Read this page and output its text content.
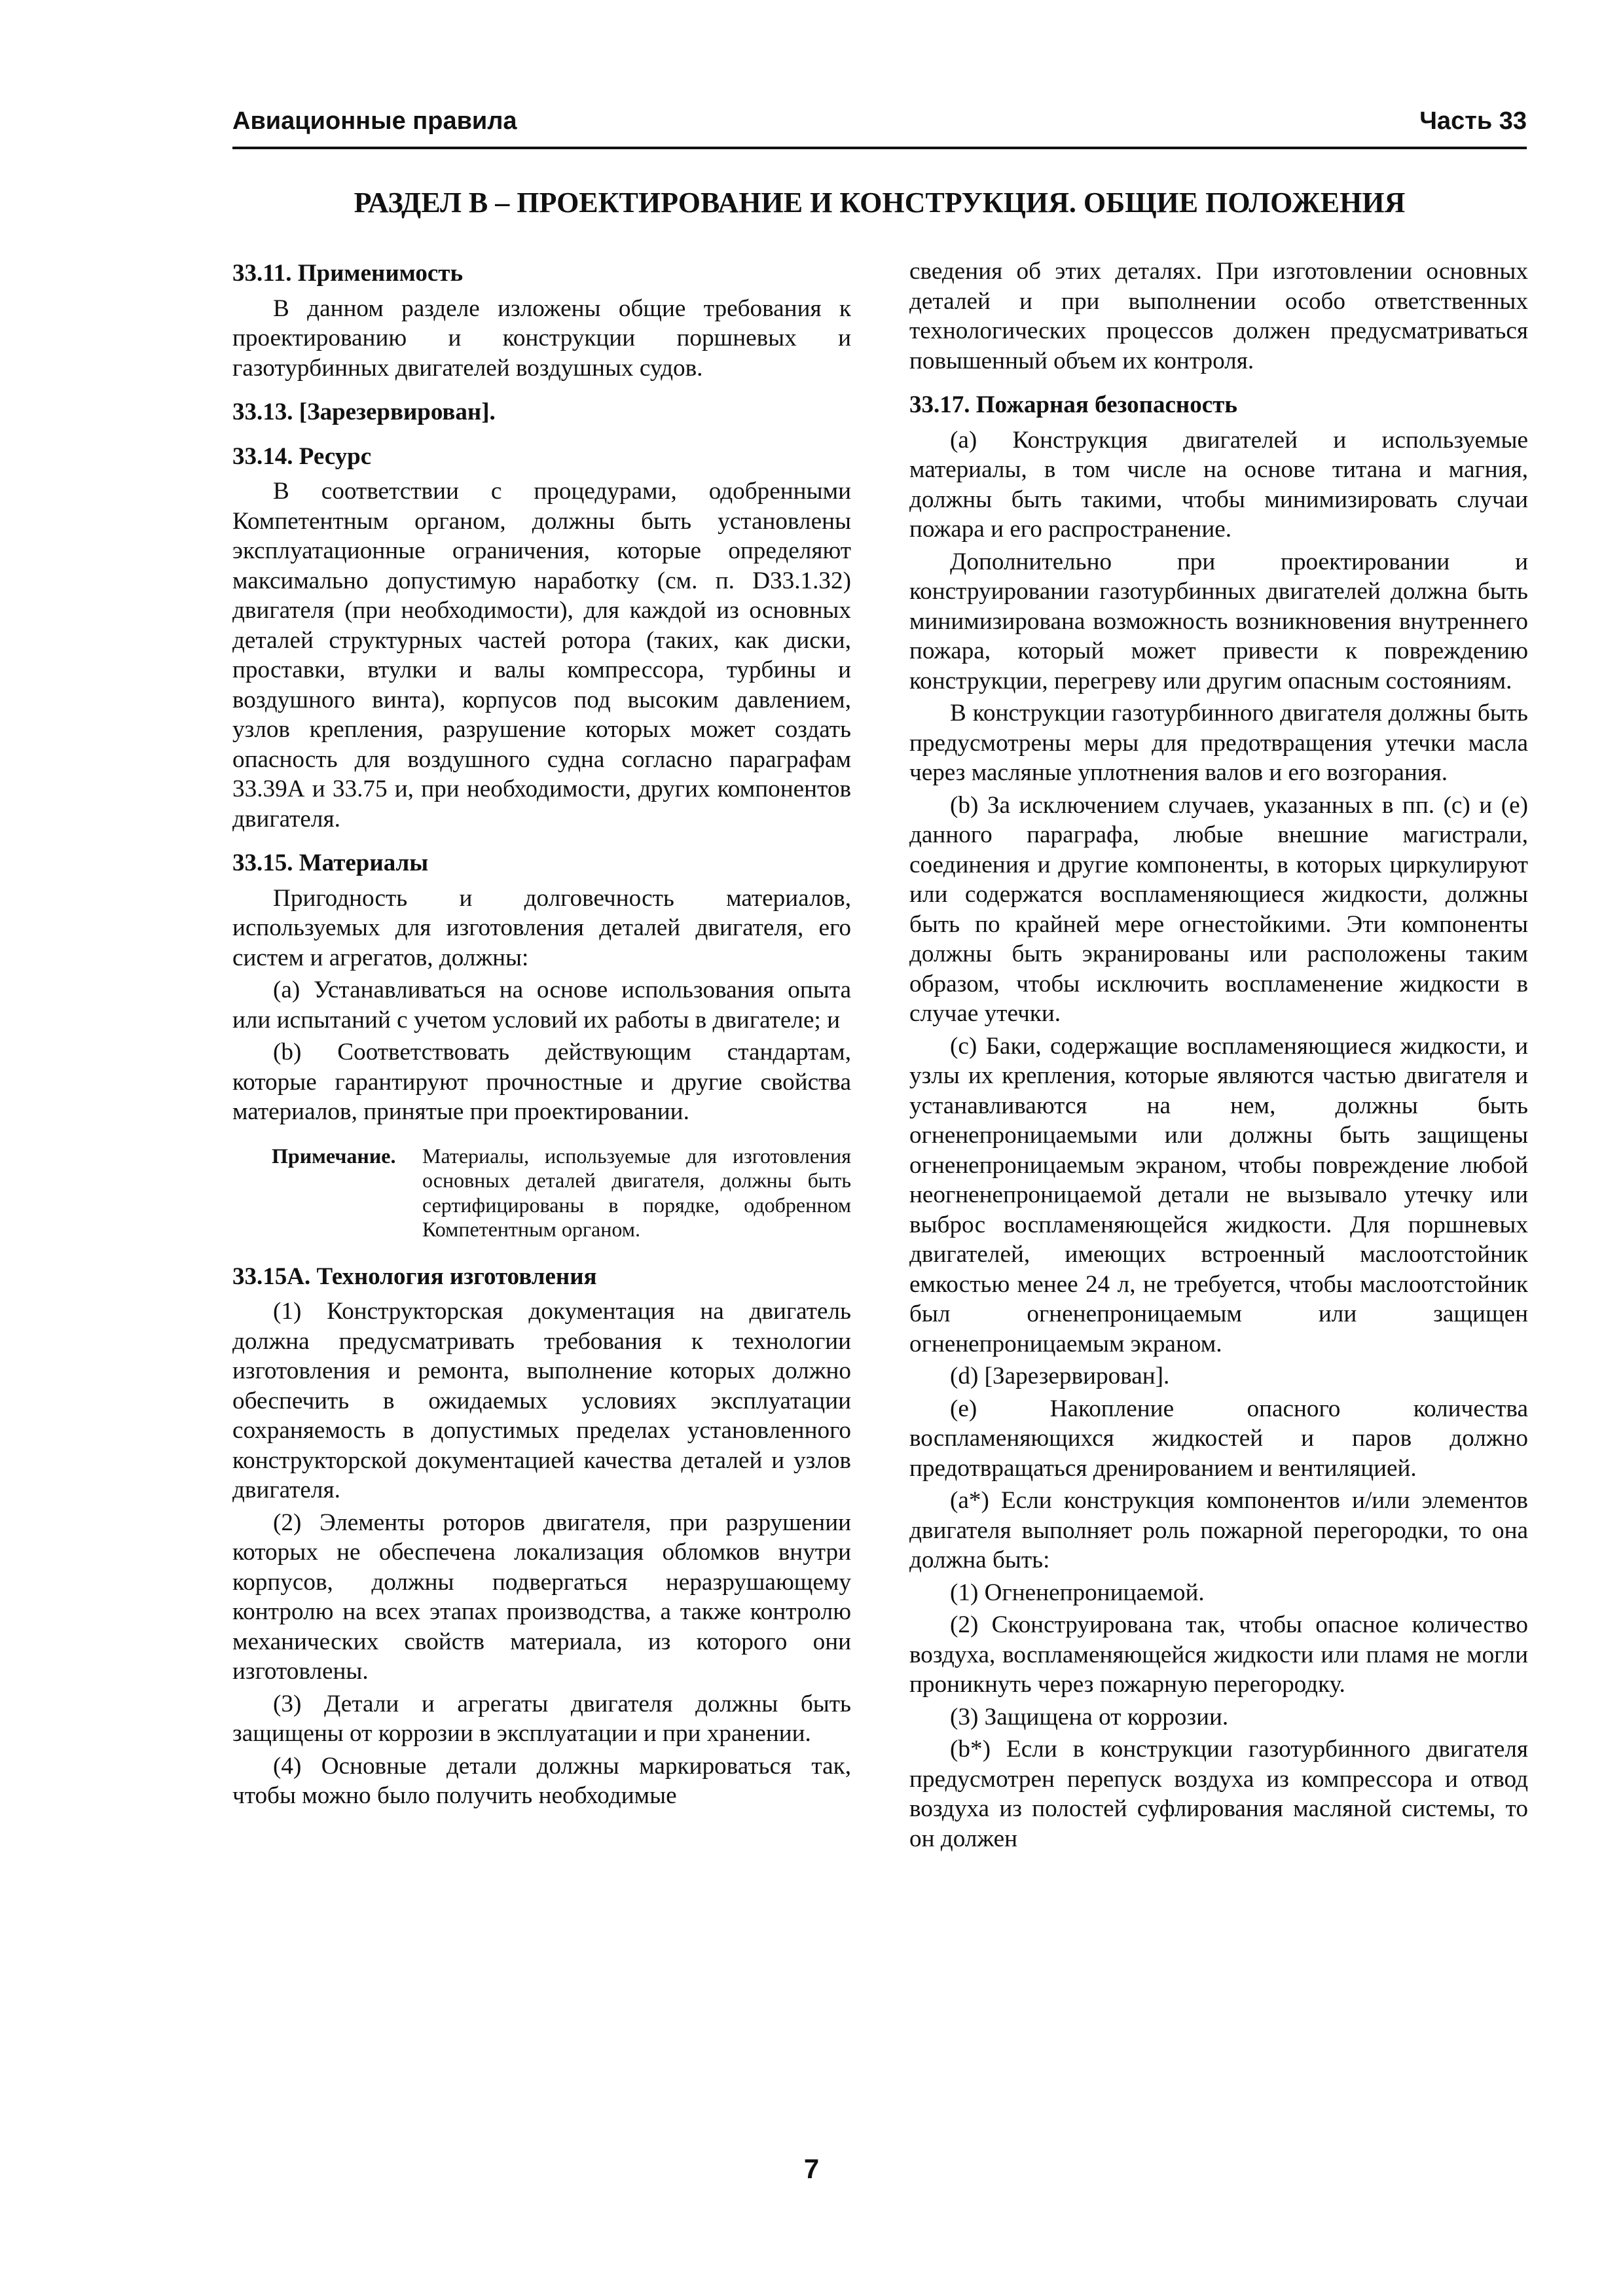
Авиационные правила	Часть 33
РАЗДЕЛ В – ПРОЕКТИРОВАНИЕ И КОНСТРУКЦИЯ. ОБЩИЕ ПОЛОЖЕНИЯ
33.11. Применимость

В данном разделе изложены общие требования к проектированию и конструкции поршневых и газотурбинных двигателей воздушных судов.

33.13. [Зарезервирован].
33.14. Ресурс

В соответствии с процедурами, одобренными Компетентным органом, должны быть установлены эксплуатационные ограничения, которые определяют максимально допустимую наработку (см. п. D33.1.32) двигателя (при необходимости), для каждой из основных деталей структурных частей ротора (таких, как диски, проставки, втулки и валы компрессора, турбины и воздушного винта), корпусов под высоким давлением, узлов крепления, разрушение которых может создать опасность для воздушного судна согласно параграфам 33.39А и 33.75 и, при необходимости, других компонентов двигателя.

33.15. Материалы

Пригодность и долговечность материалов, используемых для изготовления деталей двигателя, его систем и агрегатов, должны:

(a) Устанавливаться на основе использования опыта или испытаний с учетом условий их работы в двигателе; и

(b) Соответствовать действующим стандартам, которые гарантируют прочностные и другие свойства материалов, принятые при проектировании.

Примечание. Материалы, используемые для изготовления основных деталей двигателя, должны быть сертифицированы в порядке, одобренном Компетентным органом.
33.15А. Технология изготовления

(1) Конструкторская документация на двигатель должна предусматривать требования к технологии изготовления и ремонта, выполнение которых должно обеспечить в ожидаемых условиях эксплуатации сохраняемость в допустимых пределах установленного конструкторской документацией качества деталей и узлов двигателя.

(2) Элементы роторов двигателя, при разрушении которых не обеспечена локализация обломков внутри корпусов, должны подвергаться неразрушающему контролю на всех этапах производства, а также контролю механических свойств материала, из которого они изготовлены.

(3) Детали и агрегаты двигателя должны быть защищены от коррозии в эксплуатации и при хранении.

(4) Основные детали должны маркироваться так, чтобы можно было получить необходимые

сведения об этих деталях. При изготовлении основных деталей и при выполнении особо ответственных технологических процессов должен предусматриваться повышенный объем их контроля.

33.17. Пожарная безопасность

(a) Конструкция двигателей и используемые материалы, в том числе на основе титана и магния, должны быть такими, чтобы минимизировать случаи пожара и его распространение.

Дополнительно при проектировании и конструировании газотурбинных двигателей должна быть минимизирована возможность возникновения внутреннего пожара, который может привести к повреждению конструкции, перегреву или другим опасным состояниям.

В конструкции газотурбинного двигателя должны быть предусмотрены меры для предотвращения утечки масла через масляные уплотнения валов и его возгорания.

(b) За исключением случаев, указанных в пп. (c) и (e) данного параграфа, любые внешние магистрали, соединения и другие компоненты, в которых циркулируют или содержатся воспламеняющиеся жидкости, должны быть по крайней мере огнестойкими. Эти компоненты должны быть экранированы или расположены таким образом, чтобы исключить воспламенение жидкости в случае утечки.

(c) Баки, содержащие воспламеняющиеся жидкости, и узлы их крепления, которые являются частью двигателя и устанавливаются на нем, должны быть огненепроницаемыми или должны быть защищены огненепроницаемым экраном, чтобы повреждение любой неогненепроницаемой детали не вызывало утечку или выброс воспламеняющейся жидкости. Для поршневых двигателей, имеющих встроенный маслоотстойник емкостью менее 24 л, не требуется, чтобы маслоотстойник был огненепроницаемым или защищен огненепроницаемым экраном.

(d) [Зарезервирован].

(e) Накопление опасного количества воспламеняющихся жидкостей и паров должно предотвращаться дренированием и вентиляцией.

(a*) Если конструкция компонентов и/или элементов двигателя выполняет роль пожарной перегородки, то она должна быть:

(1) Огненепроницаемой.

(2) Сконструирована так, чтобы опасное количество воздуха, воспламеняющейся жидкости или пламя не могли проникнуть через пожарную перегородку.

(3) Защищена от коррозии.

(b*) Если в конструкции газотурбинного двигателя предусмотрен перепуск воздуха из компрессора и отвод воздуха из полостей суфлирования масляной системы, то он должен

7
